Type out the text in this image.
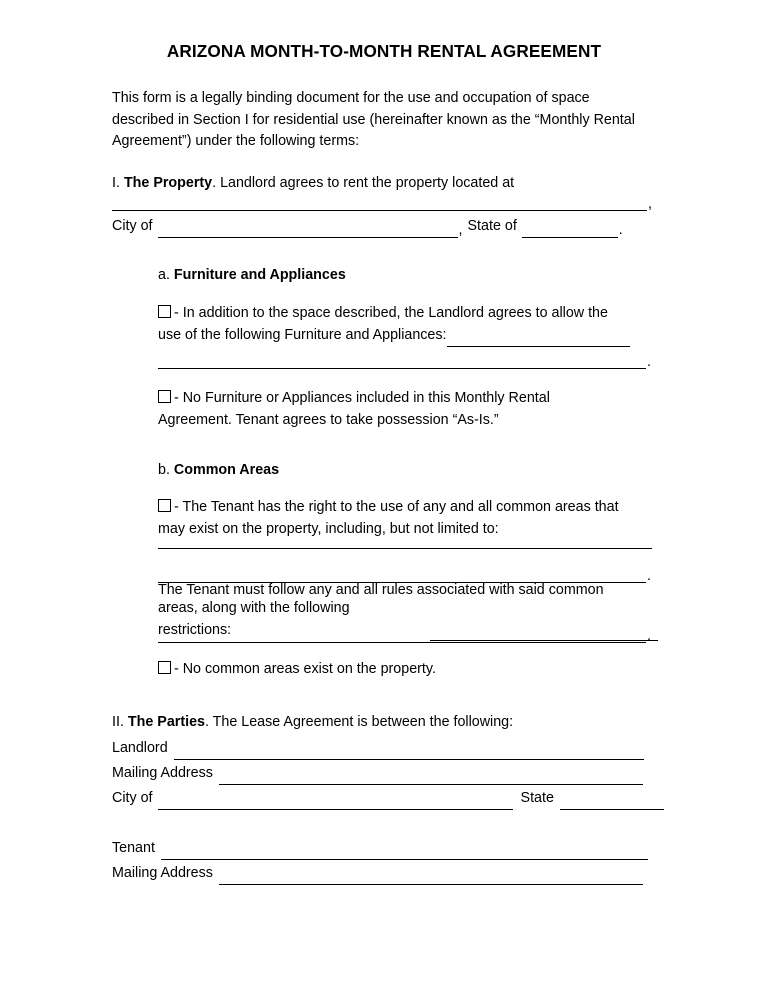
ARIZONA MONTH-TO-MONTH RENTAL AGREEMENT
This form is a legally binding document for the use and occupation of space described in Section I for residential use (hereinafter known as the “Monthly Rental Agreement”) under the following terms:
I. The Property. Landlord agrees to rent the property located at
,
City of	, State of	.
a. Furniture and Appliances
- In addition to the space described, the Landlord agrees to allow the
use of the following Furniture and Appliances:
.
- No Furniture or Appliances included in this Monthly Rental
Agreement. Tenant agrees to take possession “As-Is.”
b. Common Areas
- The Tenant has the right to the use of any and all common areas that
may exist on the property, including, but not limited to:
.
The Tenant must follow any and all rules associated with said common
areas, along with the following restrictions:	.
- No common areas exist on the property.
II. The Parties. The Lease Agreement is between the following:
Landlord
Mailing Address
City of	State
Tenant
Mailing Address
